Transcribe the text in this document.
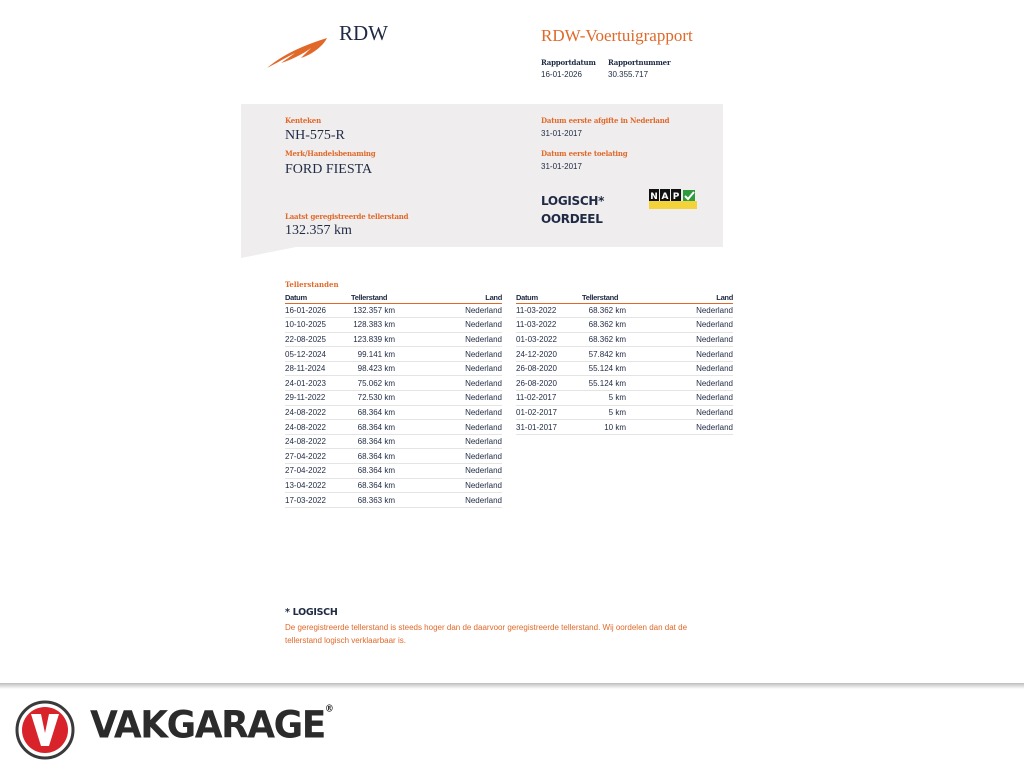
RDW	RDW-Voertuigrapport
Rapportdatum
16-01-2026
Rapportnummer
30.355.717
Kenteken
NH-575-R
Merk/Handelsbenaming
FORD FIESTA
Laatst geregistreerde tellerstand
132.357 km
Datum eerste afgifte in Nederland
31-01-2017
Datum eerste toelating
31-01-2017
LOGISCH*
OORDEEL
N A P
Tellerstanden
Datum	Tellerstand	Land
16-01-2026	132.357 km	Nederland
10-10-2025	128.383 km	Nederland
22-08-2025	123.839 km	Nederland
05-12-2024	99.141 km	Nederland
28-11-2024	98.423 km	Nederland
24-01-2023	75.062 km	Nederland
29-11-2022	72.530 km	Nederland
24-08-2022	68.364 km	Nederland
24-08-2022	68.364 km	Nederland
24-08-2022	68.364 km	Nederland
27-04-2022	68.364 km	Nederland
27-04-2022	68.364 km	Nederland
13-04-2022	68.364 km	Nederland
17-03-2022	68.363 km	Nederland
Datum	Tellerstand	Land
11-03-2022	68.362 km	Nederland
11-03-2022	68.362 km	Nederland
01-03-2022	68.362 km	Nederland
24-12-2020	57.842 km	Nederland
26-08-2020	55.124 km	Nederland
26-08-2020	55.124 km	Nederland
11-02-2017	5 km	Nederland
01-02-2017	5 km	Nederland
31-01-2017	10 km	Nederland
* LOGISCH
De geregistreerde tellerstand is steeds hoger dan de daarvoor geregistreerde tellerstand. Wij oordelen dan dat de tellerstand logisch verklaarbaar is.
VAKGARAGE®
